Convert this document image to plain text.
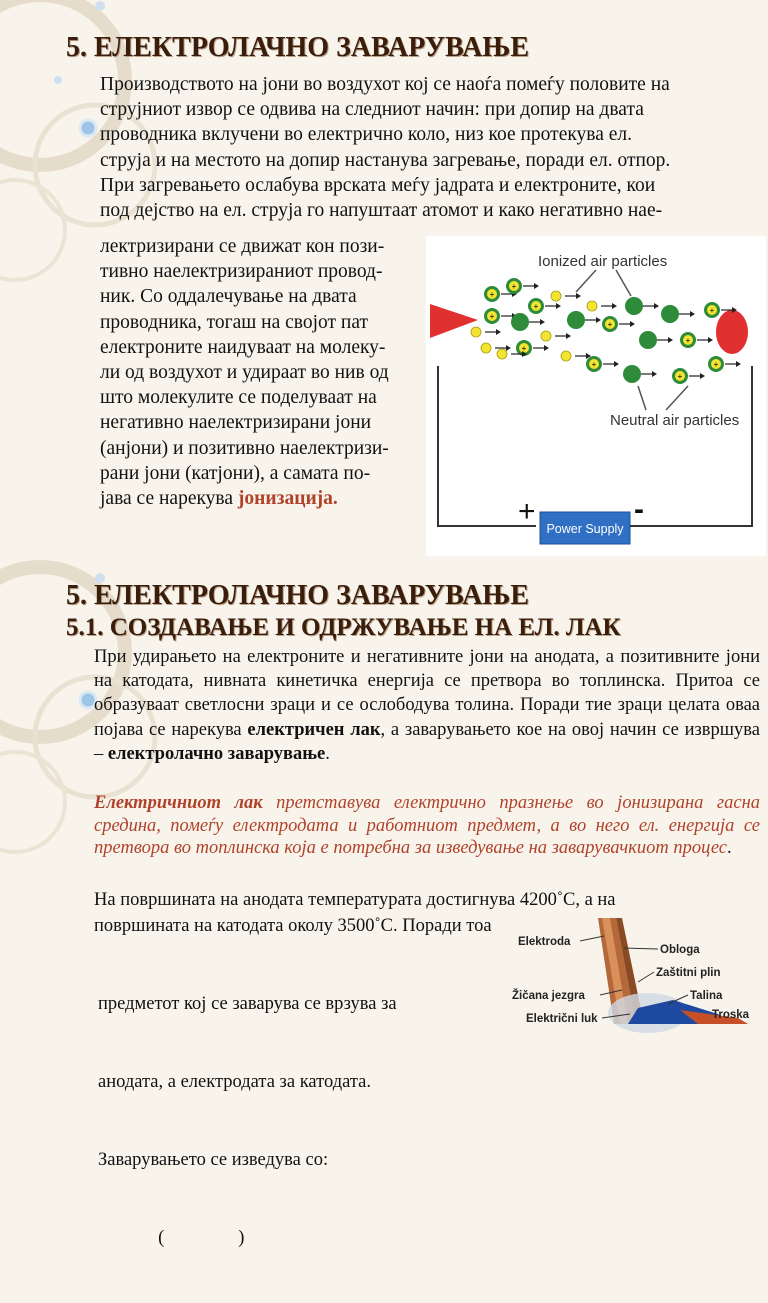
5. ЕЛЕКТРОЛАЧНО ЗАВАРУВАЊЕ
Производството на јони во воздухот кој се наоѓа помеѓу половите на
струјниот извор се одвива на следниот начин: при допир на двата
проводника вклучени во електрично коло, низ кое протекува ел.
струја и на местото на допир настанува загревање, поради ел. отпор.
При загревањето ослабува врската меѓу јадрата и електроните, кои
под дејство на ел. струја го напуштаат атомот и како негативно нае-
лектризирани се движат кон пози-
тивно наелектризираниот провод-
ник. Со оддалечување на двата
проводника, тогаш на својот пат
електроните наидуваат на молеку-
ли од воздухот и удираат во нив од
што молекулите се поделуваат на
негативно наелектризирани јони
(анјони) и позитивно наелектризи-
рани јони (катјони), а самата по-
јава се нарекува јонизација.
Ionized air particles
Neutral air particles
+
+
+
+
+
+
+
+
+
+
+
+	-
Power Supply
5. ЕЛЕКТРОЛАЧНО ЗАВАРУВАЊЕ
5.1. СОЗДАВАЊЕ И ОДРЖУВАЊЕ НА ЕЛ. ЛАК
При удирањето на електроните и негативните јони на анодата, а позитивните јони на катодата, нивната кинетичка енергија се претвора во топлинска. Притоа се образуваат светлосни зраци и се ослободува толина. Поради тие зраци целата оваа појава се нарекува електричен лак, а заварувањето кое на овој начин се извршува – електролачно заварување.
Електричниот лак претставува електрично празнење во јонизирана гасна средина, помеѓу електродата и работниот предмет, а во него ел. енергија се претвора во топлинска која е потребна за изведување на заварувачкиот процес.
На површината на анодата температурата достигнува 4200˚С, а на
површината на катодата околу 3500˚С. Поради тоа

предметот кој се заварува се врзува за

анодата, а електродата за катодата.

Заварувањето се изведува со:

(                )

Elektroda
Obloga
Zaštitni plin
Žičana jezgra	Talina
Električni luk	Troska
